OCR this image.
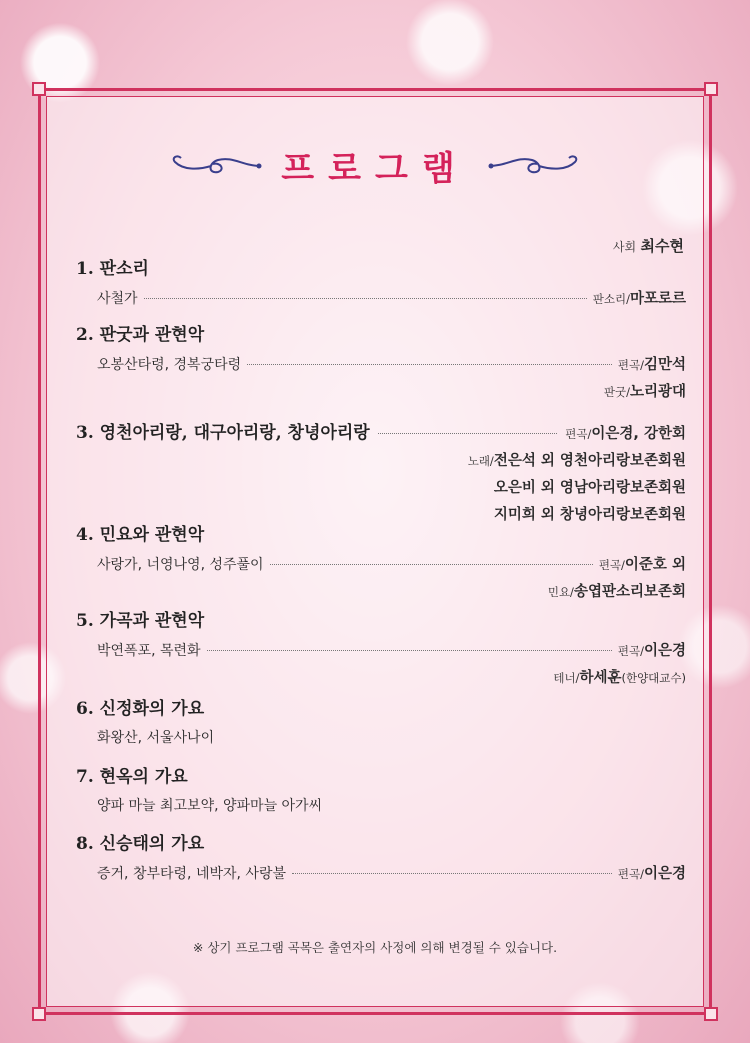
프로그램
사회 최수현
1. 판소리
사철가	판소리/마포로르
2. 판굿과 관현악
오봉산타령, 경복궁타령	편곡/김만석
판굿/노리광대
3. 영천아리랑, 대구아리랑, 창녕아리랑	편곡/이은경, 강한회
노래/전은석 외 영천아리랑보존회원
오은비 외 영남아리랑보존회원
지미희 외 창녕아리랑보존회원
4. 민요와 관현악
사랑가, 너영나영, 성주풀이	편곡/이준호 외
민요/송엽판소리보존회
5. 가곡과 관현악
박연폭포, 목련화	편곡/이은경
테너/하세훈(한양대교수)
6. 신정화의 가요
화왕산, 서울사나이
7. 현옥의 가요
양파 마늘 최고보약, 양파마늘 아가씨
8. 신승태의 가요
증거, 창부타령, 네박자, 사랑불	편곡/이은경
※ 상기 프로그램 곡목은 출연자의 사정에 의해 변경될 수 있습니다.
